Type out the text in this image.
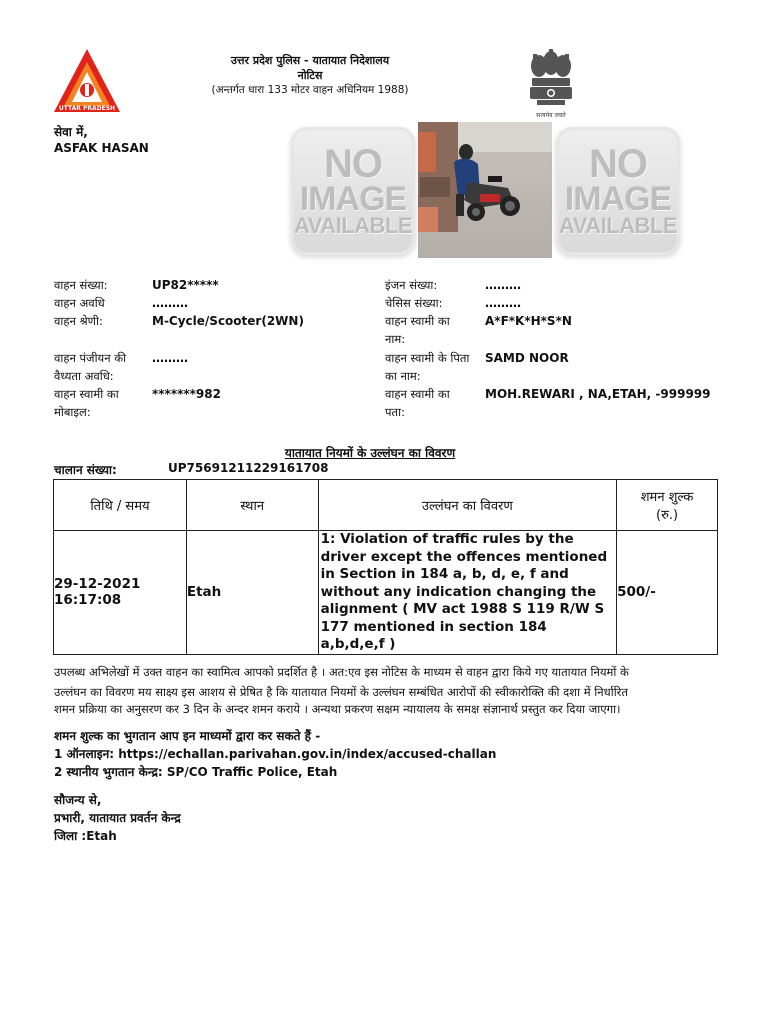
UTTAR PRADESH
उत्तर प्रदेश पुलिस - यातायात निदेशालय
नोटिस
(अन्तर्गत धारा 133 मोटर वाहन अधिनियम 1988)
सत्यमेव जयते
सेवा में,
ASFAK HASAN	NO
IMAGE
AVAILABLE
NO
IMAGE
AVAILABLE
वाहन संख्या:	UP82*****
वाहन अवधि	………
वाहन श्रेणी:	M-Cycle/Scooter(2WN)
वाहन पंजीयन की
वैध्यता अवधि:
………
वाहन स्वामी का
मोबाइल:
*******982
इंजन संख्या:	………
चेसिस संख्या:	………
वाहन स्वामी का
नाम:
A*F*K*H*S*N
वाहन स्वामी के पिता
का नाम:
SAMD NOOR
वाहन स्वामी का
पता:
MOH.REWARI , NA,ETAH, -999999
यातायात नियमों के उल्लंघन का विवरण
चालान संख्या:	UP75691211229161708
तिथि / समय	स्थान	उल्लंघन का विवरण	शमन शुल्क
(रु.)

29-12-2021
16:17:08	Etah	1: Violation of traffic rules by the driver except the offences mentioned in Section in 184 a, b, d, e, f and without any indication changing the alignment ( MV act 1988 S 119 R/W S 177 mentioned in section 184 a,b,d,e,f )	500/-
उपलब्ध अभिलेखों में उक्त वाहन का स्वामित्व आपको प्रदर्शित है । अत:एव इस नोटिस के माध्यम से वाहन द्वारा किये गए यातायात नियमों के
उल्लंघन का विवरण मय साक्ष्य इस आशय से प्रेषित है कि यातायात नियमों के उल्लंघन सम्बंधित आरोपों की स्वीकारोक्ति की दशा में निर्धारित
शमन प्रक्रिया का अनुसरण कर 3 दिन के अन्दर शमन कराये । अन्यथा प्रकरण सक्षम न्यायालय के समक्ष संज्ञानार्थ प्रस्तुत कर दिया जाएगा।
शमन शुल्क का भुगतान आप इन माध्यमों द्वारा कर सकते हैं -
1 ऑनलाइन: https://echallan.parivahan.gov.in/index/accused-challan
2 स्थानीय भुगतान केन्द्र: SP/CO Traffic Police, Etah
सौजन्य से,
प्रभारी, यातायात प्रवर्तन केन्द्र
जिला :Etah
